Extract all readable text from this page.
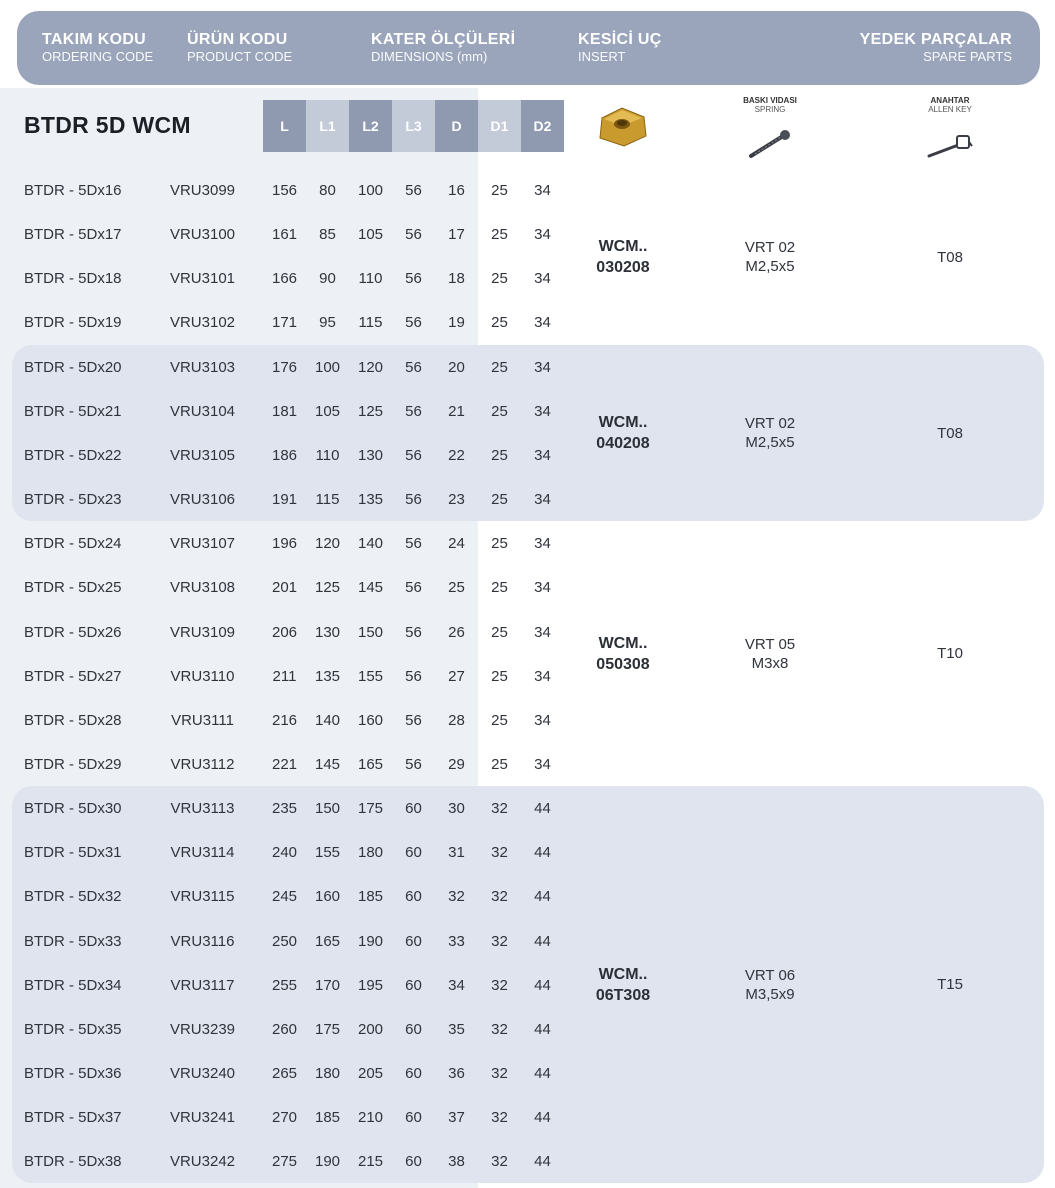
TAKIM KODU
ORDERING CODE
ÜRÜN KODU
PRODUCT CODE
KATER ÖLÇÜLERİ
DIMENSIONS (mm)
KESİCİ UÇ
INSERT
YEDEK PARÇALAR
SPARE PARTS
BTDR 5D WCM	L	L1	L2	L3	D	D1	D2
BASKI VIDASI
SPRING
ANAHTAR
ALLEN KEY
BTDR - 5Dx16	VRU3099	156	80	100	56	16	25	34
BTDR - 5Dx17	VRU3100	161	85	105	56	17	25	34
BTDR - 5Dx18	VRU3101	166	90	110	56	18	25	34
BTDR - 5Dx19	VRU3102	171	95	115	56	19	25	34
BTDR - 5Dx20	VRU3103	176	100	120	56	20	25	34
BTDR - 5Dx21	VRU3104	181	105	125	56	21	25	34
BTDR - 5Dx22	VRU3105	186	110	130	56	22	25	34
BTDR - 5Dx23	VRU3106	191	115	135	56	23	25	34
BTDR - 5Dx24	VRU3107	196	120	140	56	24	25	34
BTDR - 5Dx25	VRU3108	201	125	145	56	25	25	34
BTDR - 5Dx26	VRU3109	206	130	150	56	26	25	34
BTDR - 5Dx27	VRU3110	211	135	155	56	27	25	34
BTDR - 5Dx28	VRU3111	216	140	160	56	28	25	34
BTDR - 5Dx29	VRU3112	221	145	165	56	29	25	34
BTDR - 5Dx30	VRU3113	235	150	175	60	30	32	44
BTDR - 5Dx31	VRU3114	240	155	180	60	31	32	44
BTDR - 5Dx32	VRU3115	245	160	185	60	32	32	44
BTDR - 5Dx33	VRU3116	250	165	190	60	33	32	44
BTDR - 5Dx34	VRU3117	255	170	195	60	34	32	44
BTDR - 5Dx35	VRU3239	260	175	200	60	35	32	44
BTDR - 5Dx36	VRU3240	265	180	205	60	36	32	44
BTDR - 5Dx37	VRU3241	270	185	210	60	37	32	44
BTDR - 5Dx38	VRU3242	275	190	215	60	38	32	44
WCM..
030208
VRT 02
M2,5x5
T08
WCM..
040208
VRT 02
M2,5x5
T08
WCM..
050308
VRT 05
M3x8
T10
WCM..
06T308
VRT 06
M3,5x9
T15
